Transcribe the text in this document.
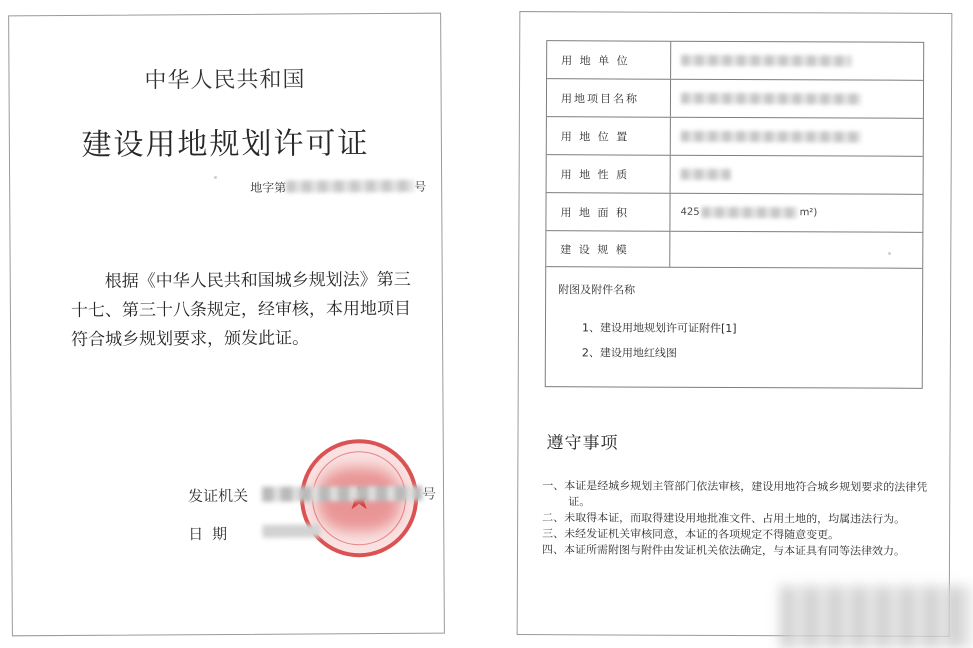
中华人民共和国
建设用地规划许可证
地字第	号

根据《中华人民共和国城乡规划法》第三十七、第三十八条规定，经审核，本用地项目符合城乡规划要求，颁发此证。

发证机关	号
日 期
用 地 单 位
用地项目名称
用 地 位 置
用 地 性 质
用 地 面 积	425	m²)
建 设 规 模
附图及附件名称
1、建设用地规划许可证附件[1]
2、建设用地红线图
遵守事项
一、本证是经城乡规划主管部门依法审核，建设用地符合城乡规划要求的法律凭证。
二、未取得本证，而取得建设用地批准文件、占用土地的，均属违法行为。
三、未经发证机关审核同意，本证的各项规定不得随意变更。
四、本证所需附图与附件由发证机关依法确定，与本证具有同等法律效力。
